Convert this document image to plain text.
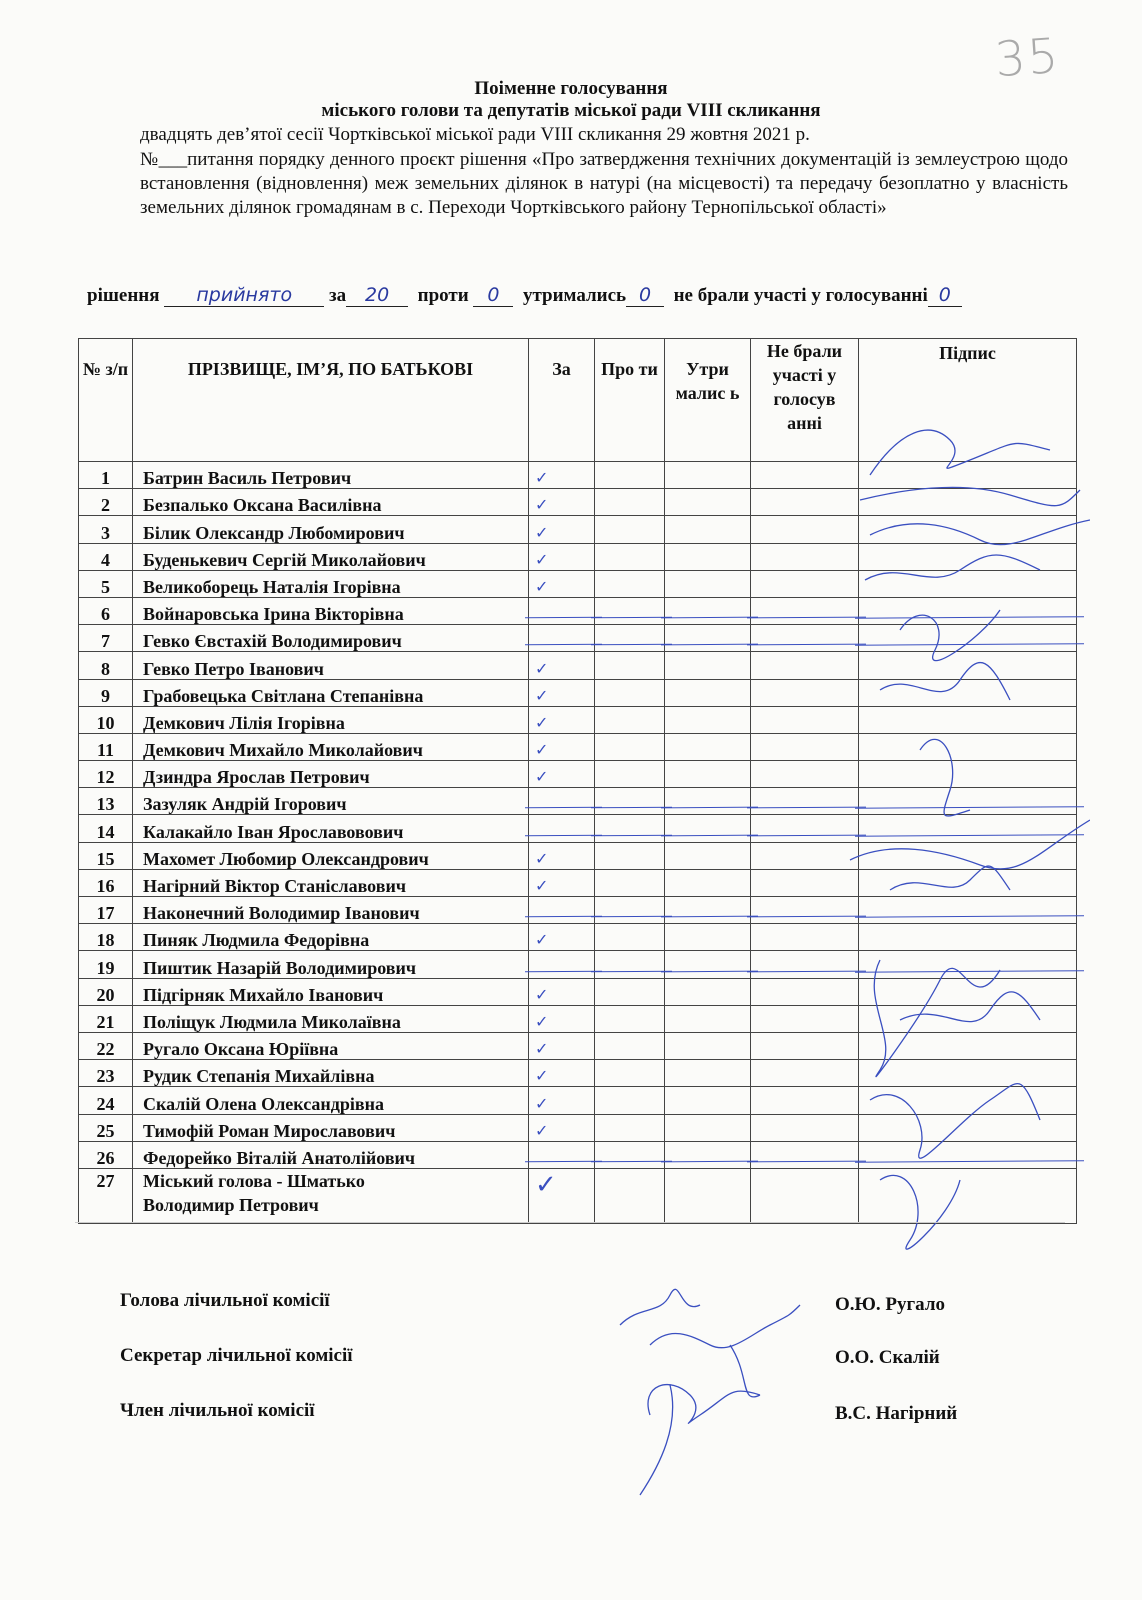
35
Поіменне голосування
міського голови та депутатів міської ради VIII скликання
двадцять дев’ятої сесії Чортківської міської ради VIII скликання 29 жовтня 2021 р.
№___питання порядку денного проєкт рішення «Про затвердження технічних документацій із землеустрою щодо встановлення (відновлення) меж земельних ділянок в натурі (на місцевості) та передачу безоплатно у власність земельних ділянок громадянам в с. Переходи Чортківського району Тернопільської області»
рішення прийнято за 20 проти 0 утримались 0 не брали участі у голосуванні 0
№ з/п	ПРІЗВИЩЕ, ІМ’Я, ПО БАТЬКОВІ	За	Про ти	Утри малис ь	Не брали участі у голосув анні	Підпис
1	Батрин Василь Петрович	✓				
2	Безпалько Оксана Василівна	✓				
3	Білик Олександр Любомирович	✓				
4	Буденькевич Сергій Миколайович	✓				
5	Великоборець Наталія Ігорівна	✓				
6	Войнаровська Ірина Вікторівна					
7	Гевко Євстахій Володимирович					
8	Гевко Петро Іванович	✓				
9	Грабовецька Світлана Степанівна	✓				
10	Демкович Лілія Ігорівна	✓				
11	Демкович Михайло Миколайович	✓				
12	Дзиндра Ярослав Петрович	✓				
13	Зазуляк Андрій Ігорович					
14	Калакайло Іван Ярославовович					
15	Махомет Любомир Олександрович	✓				
16	Нагірний Віктор Станіславович	✓				
17	Наконечний Володимир Іванович					
18	Пиняк Людмила Федорівна	✓				
19	Пиштик Назарій Володимирович					
20	Підгірняк Михайло Іванович	✓				
21	Поліщук Людмила Миколаївна	✓				
22	Ругало Оксана Юріївна	✓				
23	Рудик Степанія Михайлівна	✓				
24	Скалій Олена Олександрівна	✓				
25	Тимофій Роман Мирославович	✓				
26	Федорейко Віталій Анатолійович					
27	Міський голова - Шматько
Володимир Петрович	✓				
Голова лічильної комісії	О.Ю. Ругало
Секретар лічильної комісії	О.О. Скалій
Член лічильної комісії	В.С. Нагірний
